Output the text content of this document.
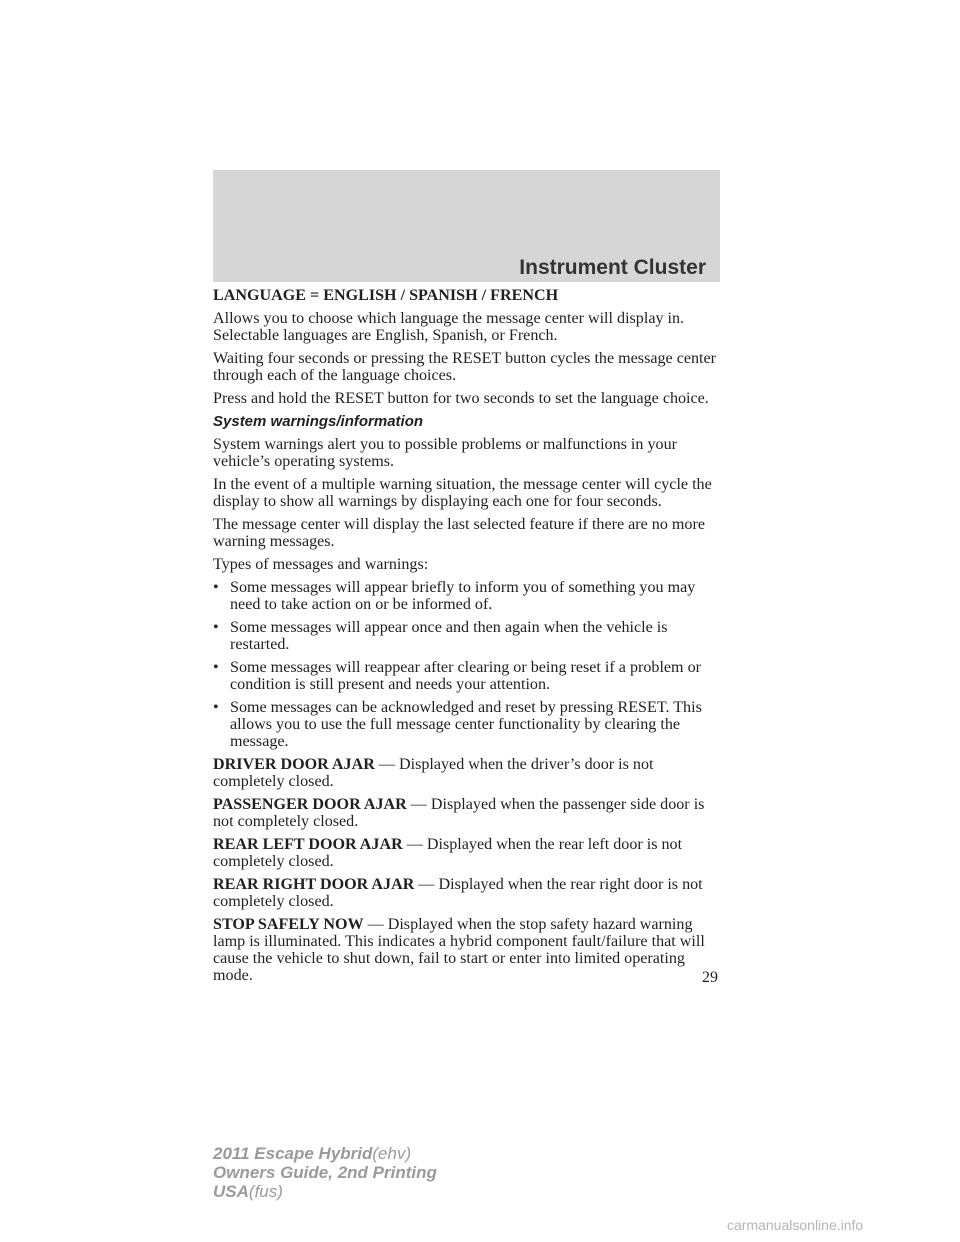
Instrument Cluster

LANGUAGE = ENGLISH / SPANISH / FRENCH

Allows you to choose which language the message center will display in. Selectable languages are English, Spanish, or French.

Waiting four seconds or pressing the RESET button cycles the message center through each of the language choices.

Press and hold the RESET button for two seconds to set the language choice.

System warnings/information

System warnings alert you to possible problems or malfunctions in your vehicle’s operating systems.

In the event of a multiple warning situation, the message center will cycle the display to show all warnings by displaying each one for four seconds.

The message center will display the last selected feature if there are no more warning messages.

Types of messages and warnings:

• Some messages will appear briefly to inform you of something you may need to take action on or be informed of.
• Some messages will appear once and then again when the vehicle is restarted.
• Some messages will reappear after clearing or being reset if a problem or condition is still present and needs your attention.
• Some messages can be acknowledged and reset by pressing RESET. This allows you to use the full message center functionality by clearing the message.

DRIVER DOOR AJAR — Displayed when the driver’s door is not completely closed.

PASSENGER DOOR AJAR — Displayed when the passenger side door is not completely closed.

REAR LEFT DOOR AJAR — Displayed when the rear left door is not completely closed.

REAR RIGHT DOOR AJAR — Displayed when the rear right door is not completely closed.

STOP SAFELY NOW — Displayed when the stop safety hazard warning lamp is illuminated. This indicates a hybrid component fault/failure that will cause the vehicle to shut down, fail to start or enter into limited operating mode.	29
2011 Escape Hybrid(ehv)
Owners Guide, 2nd Printing
USA(fus)
carmanualsonline.info
